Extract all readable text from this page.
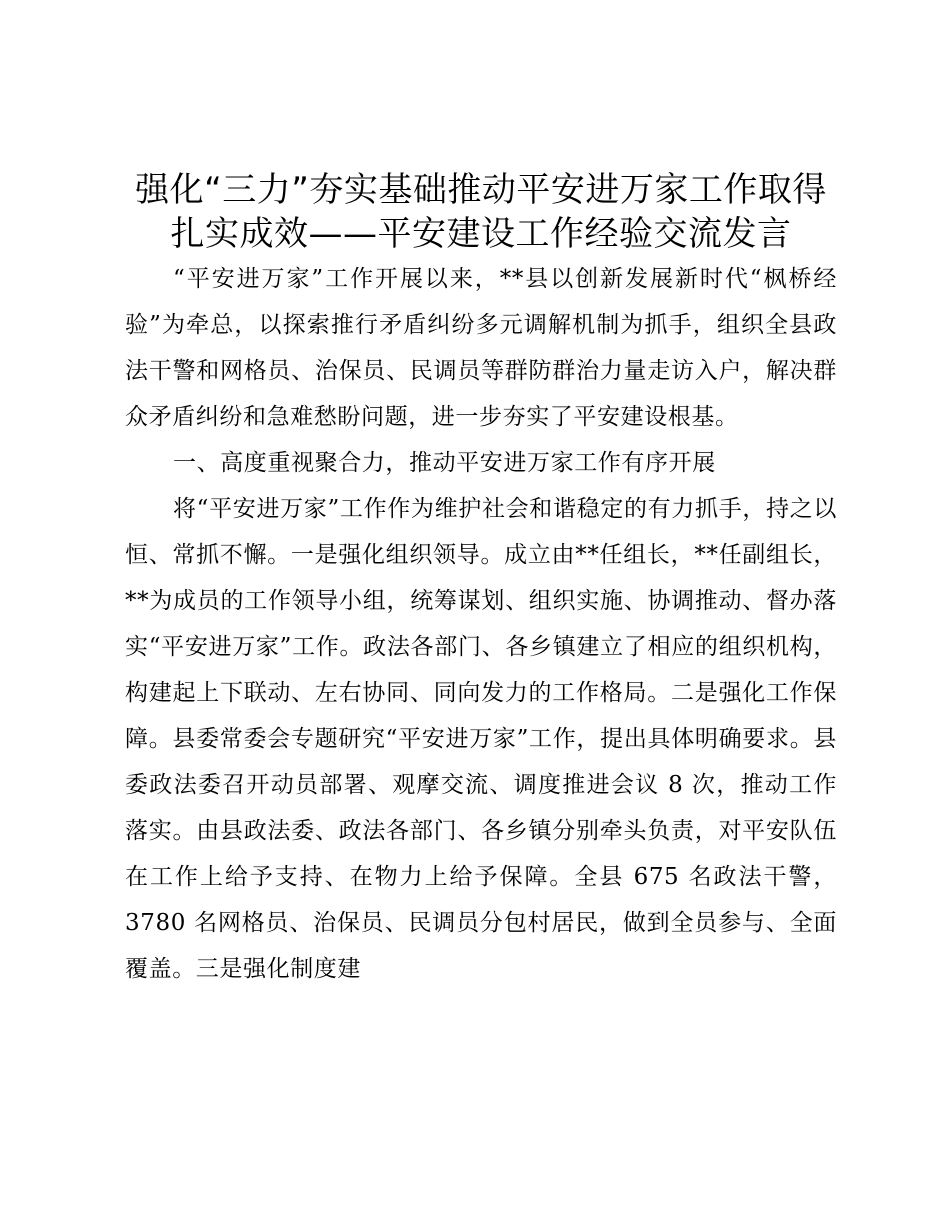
强化“三力”夯实基础推动平安进万家工作取得
扎实成效——平安建设工作经验交流发言

“平安进万家”工作开展以来，**县以创新发展新时代“枫桥经验”为牵总，以探索推行矛盾纠纷多元调解机制为抓手，组织全县政法干警和网格员、治保员、民调员等群防群治力量走访入户，解决群众矛盾纠纷和急难愁盼问题，进一步夯实了平安建设根基。

一、高度重视聚合力，推动平安进万家工作有序开展

将“平安进万家”工作作为维护社会和谐稳定的有力抓手，持之以恒、常抓不懈。一是强化组织领导。成立由**任组长，**任副组长，**为成员的工作领导小组，统筹谋划、组织实施、协调推动、督办落实“平安进万家”工作。政法各部门、各乡镇建立了相应的组织机构，构建起上下联动、左右协同、同向发力的工作格局。二是强化工作保障。县委常委会专题研究“平安进万家”工作，提出具体明确要求。县委政法委召开动员部署、观摩交流、调度推进会议 8 次，推动工作落实。由县政法委、政法各部门、各乡镇分别牵头负责，对平安队伍在工作上给予支持、在物力上给予保障。全县 675 名政法干警，3780 名网格员、治保员、民调员分包村居民，做到全员参与、全面覆盖。三是强化制度建
